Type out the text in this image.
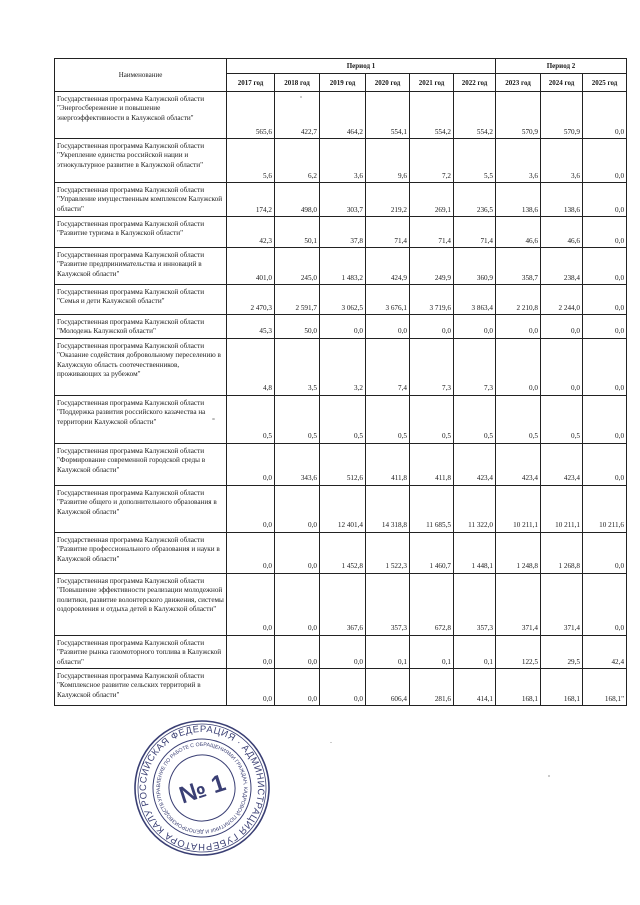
Наименование	Период 1						Период 2		
	2017 год	2018 год	2019 год	2020 год	2021 год	2022 год	2023 год	2024 год	2025 год
Государственная программа Калужской области "Энергосбережение и повышение энергоэффективности в Калужской области"	565,6	422,7	464,2	554,1	554,2	554,2	570,9	570,9	0,0
Государственная программа Калужской области "Укрепление единства российской нации и этнокультурное развитие в Калужской области"	5,6	6,2	3,6	9,6	7,2	5,5	3,6	3,6	0,0
Государственная программа Калужской области "Управление имущественным комплексом Калужской области"	174,2	498,0	303,7	219,2	269,1	236,5	138,6	138,6	0,0
Государственная программа Калужской области "Развитие туризма в Калужской области"	42,3	50,1	37,8	71,4	71,4	71,4	46,6	46,6	0,0
Государственная программа Калужской области "Развитие предпринимательства и инноваций в Калужской области"	401,0	245,0	1 483,2	424,9	249,9	360,9	358,7	238,4	0,0
Государственная программа Калужской области "Семья и дети Калужской области"	2 470,3	2 591,7	3 062,5	3 676,1	3 719,6	3 863,4	2 210,8	2 244,0	0,0
Государственная программа Калужской области "Молодежь Калужской области"	45,3	50,0	0,0	0,0	0,0	0,0	0,0	0,0	0,0
Государственная программа Калужской области "Оказание содействия добровольному переселению в Калужскую область соотечественников, проживающих за рубежом"	4,8	3,5	3,2	7,4	7,3	7,3	0,0	0,0	0,0
Государственная программа Калужской области "Поддержка развития российского казачества на территории Калужской области"	0,5	0,5	0,5	0,5	0,5	0,5	0,5	0,5	0,0
Государственная программа Калужской области "Формирование современной городской среды в Калужской области"	0,0	343,6	512,6	411,8	411,8	423,4	423,4	423,4	0,0
Государственная программа Калужской области "Развитие общего и дополнительного образования в Калужской области"	0,0	0,0	12 401,4	14 318,8	11 685,5	11 322,0	10 211,1	10 211,1	10 211,6
Государственная программа Калужской области "Развитие профессионального образования и науки в Калужской области"	0,0	0,0	1 452,8	1 522,3	1 460,7	1 448,1	1 248,8	1 268,8	0,0
Государственная программа Калужской области "Повышение эффективности реализации молодежной политики, развитие волонтерского движения, системы оздоровления и отдыха детей в Калужской области"	0,0	0,0	367,6	357,3	672,8	357,3	371,4	371,4	0,0
Государственная программа Калужской области "Развитие рынка газомоторного топлива в Калужской области"	0,0	0,0	0,0	0,1	0,1	0,1	122,5	29,5	42,4
Государственная программа Калужской области "Комплексное развитие сельских территорий в Калужской области"	0,0	0,0	0,0	606,4	281,6	414,1	168,1	168,1	168,1"
РОССИЙСКАЯ ФЕДЕРАЦИЯ · АДМИНИСТРАЦИЯ ГУБЕРНАТОРА КАЛУЖСКОЙ
УПРАВЛЕНИЕ ПО РАБОТЕ С ОБРАЩЕНИЯМИ ГРАЖДАН, КАДРОВОЙ ПОЛИТИКИ И ДЕЛОПРОИЗВОДСТВА
№ 1
